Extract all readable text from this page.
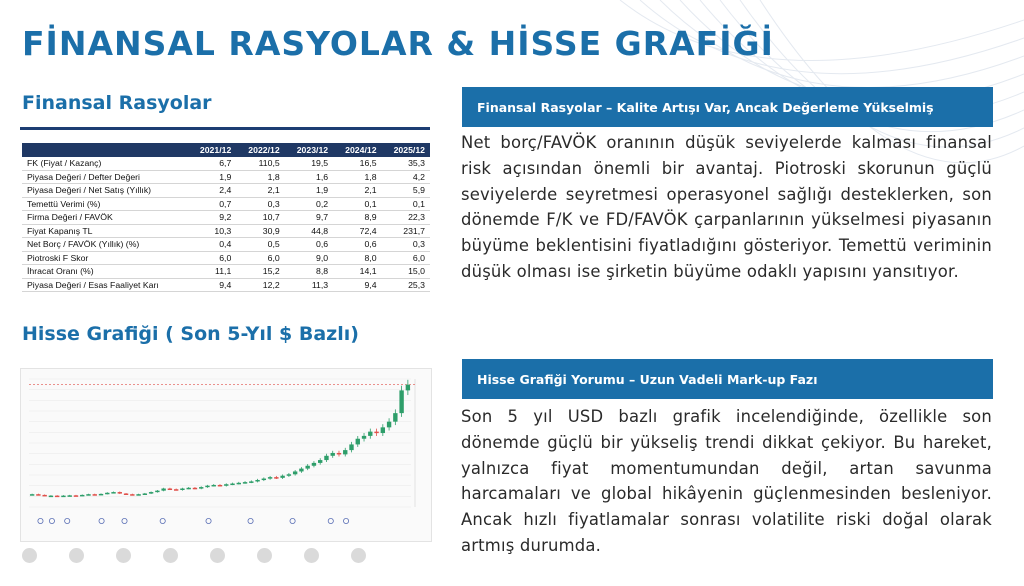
FİNANSAL RASYOLAR & HİSSE GRAFİĞİ
Finansal Rasyolar
	2021/12	2022/12	2023/12	2024/12	2025/12
FK (Fiyat / Kazanç)	6,7	110,5	19,5	16,5	35,3
Piyasa Değeri / Defter Değeri	1,9	1,8	1,6	1,8	4,2
Piyasa Değeri / Net Satış (Yıllık)	2,4	2,1	1,9	2,1	5,9
Temettü Verimi (%)	0,7	0,3	0,2	0,1	0,1
Firma Değeri / FAVÖK	9,2	10,7	9,7	8,9	22,3
Fiyat Kapanış TL	10,3	30,9	44,8	72,4	231,7
Net Borç / FAVÖK (Yıllık) (%)	0,4	0,5	0,6	0,6	0,3
Piotroski F Skor	6,0	6,0	9,0	8,0	6,0
İhracat Oranı (%)	11,1	15,2	8,8	14,1	15,0
Piyasa Değeri / Esas Faaliyet Karı	9,4	12,2	11,3	9,4	25,3
Hisse Grafiği ( Son 5-Yıl $ Bazlı)
Finansal Rasyolar – Kalite Artışı Var, Ancak Değerleme Yükselmiş

Net borç/FAVÖK oranının düşük seviyelerde kalması finansal risk açısından önemli bir avantaj. Piotroski skorunun güçlü seviyelerde seyretmesi operasyonel sağlığı desteklerken, son dönemde F/K ve FD/FAVÖK çarpanlarının yükselmesi piyasanın büyüme beklentisini fiyatladığını gösteriyor. Temettü veriminin düşük olması ise şirketin büyüme odaklı yapısını yansıtıyor.

Hisse Grafiği Yorumu – Uzun Vadeli Mark-up Fazı

Son 5 yıl USD bazlı grafik incelendiğinde, özellikle son dönemde güçlü bir yükseliş trendi dikkat çekiyor. Bu hareket, yalnızca fiyat momentumundan değil, artan savunma harcamaları ve global hikâyenin güçlenmesinden besleniyor. Ancak hızlı fiyatlamalar sonrası volatilite riski doğal olarak artmış durumda.
